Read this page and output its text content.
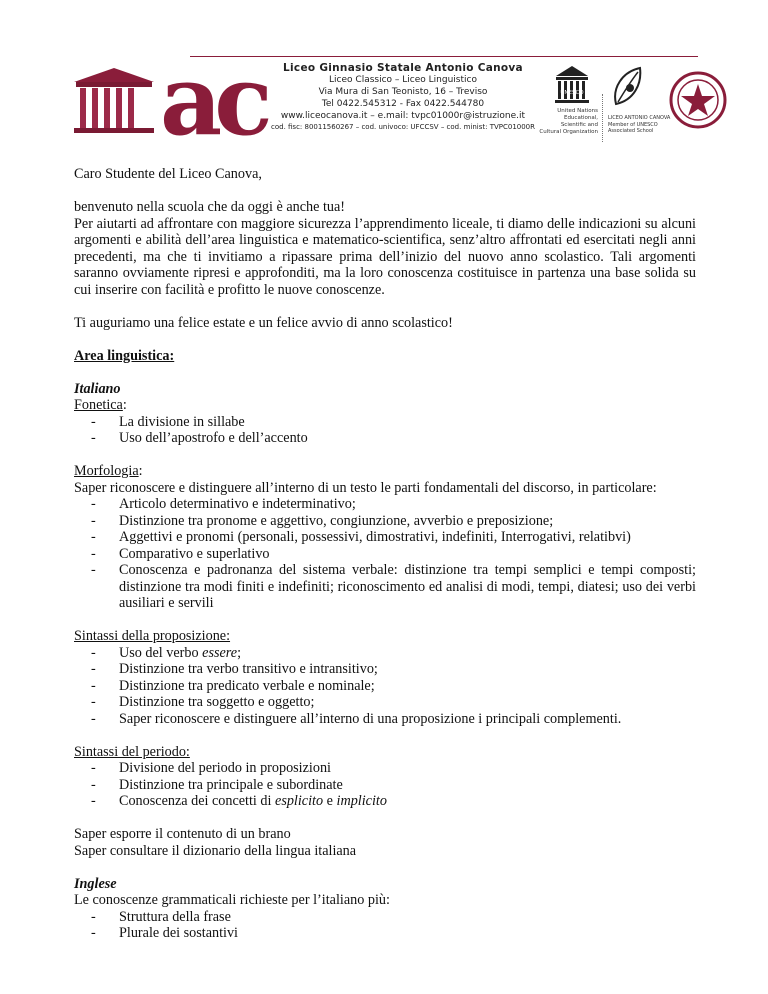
ac	Liceo Ginnasio Statale Antonio Canova
Liceo Classico – Liceo Linguistico
Via Mura di San Teonisto, 16 – Treviso
Tel 0422.545312 - Fax 0422.544780
www.liceocanova.it – e.mail: tvpc01000r@istruzione.it
cod. fisc: 80011560267 – cod. univoco: UFCCSV – cod. minist: TVPC01000R
UNESCO
United Nations Educational, Scientific and Cultural Organization
LICEO ANTONIO CANOVA Member of UNESCO Associated School

Caro Studente del Liceo Canova,

benvenuto nella scuola che da oggi è anche tua!

Per aiutarti ad affrontare con maggiore sicurezza l’apprendimento liceale, ti diamo delle indicazioni su alcuni argomenti e abilità dell’area linguistica e matematico-scientifica, senz’altro affrontati ed esercitati negli anni precedenti, ma che ti invitiamo a ripassare prima dell’inizio del nuovo anno scolastico. Tali argomenti saranno ovviamente ripresi e approfonditi, ma la loro conoscenza costituisce in partenza una base solida su cui inserire con facilità e profitto le nuove conoscenze.

Ti auguriamo una felice estate e un felice avvio di anno scolastico!

Area linguistica:

Italiano

Fonetica:

- La divisione in sillabe
- Uso dell’apostrofo e dell’accento

Morfologia:

Saper riconoscere e distinguere all’interno di un testo le parti fondamentali del discorso, in particolare:

- Articolo determinativo e indeterminativo;
- Distinzione tra pronome e aggettivo, congiunzione, avverbio e preposizione;
- Aggettivi e pronomi (personali, possessivi, dimostrativi, indefiniti, Interrogativi, relatibvi)
- Comparativo e superlativo
- Conoscenza e padronanza del sistema verbale: distinzione tra tempi semplici e tempi composti; distinzione tra modi finiti e indefiniti; riconoscimento ed analisi di modi, tempi, diatesi; uso dei verbi ausiliari e servili

Sintassi della proposizione:

- Uso del verbo essere;
- Distinzione tra verbo transitivo e intransitivo;
- Distinzione tra predicato verbale e nominale;
- Distinzione tra soggetto e oggetto;
- Saper riconoscere e distinguere all’interno di una proposizione i principali complementi.

Sintassi del periodo:

- Divisione del periodo in proposizioni
- Distinzione tra principale e subordinate
- Conoscenza dei concetti di esplicito e implicito

Saper esporre il contenuto di un brano

Saper consultare il dizionario della lingua italiana

Inglese

Le conoscenze grammaticali richieste per l’italiano più:

- Struttura della frase
- Plurale dei sostantivi
